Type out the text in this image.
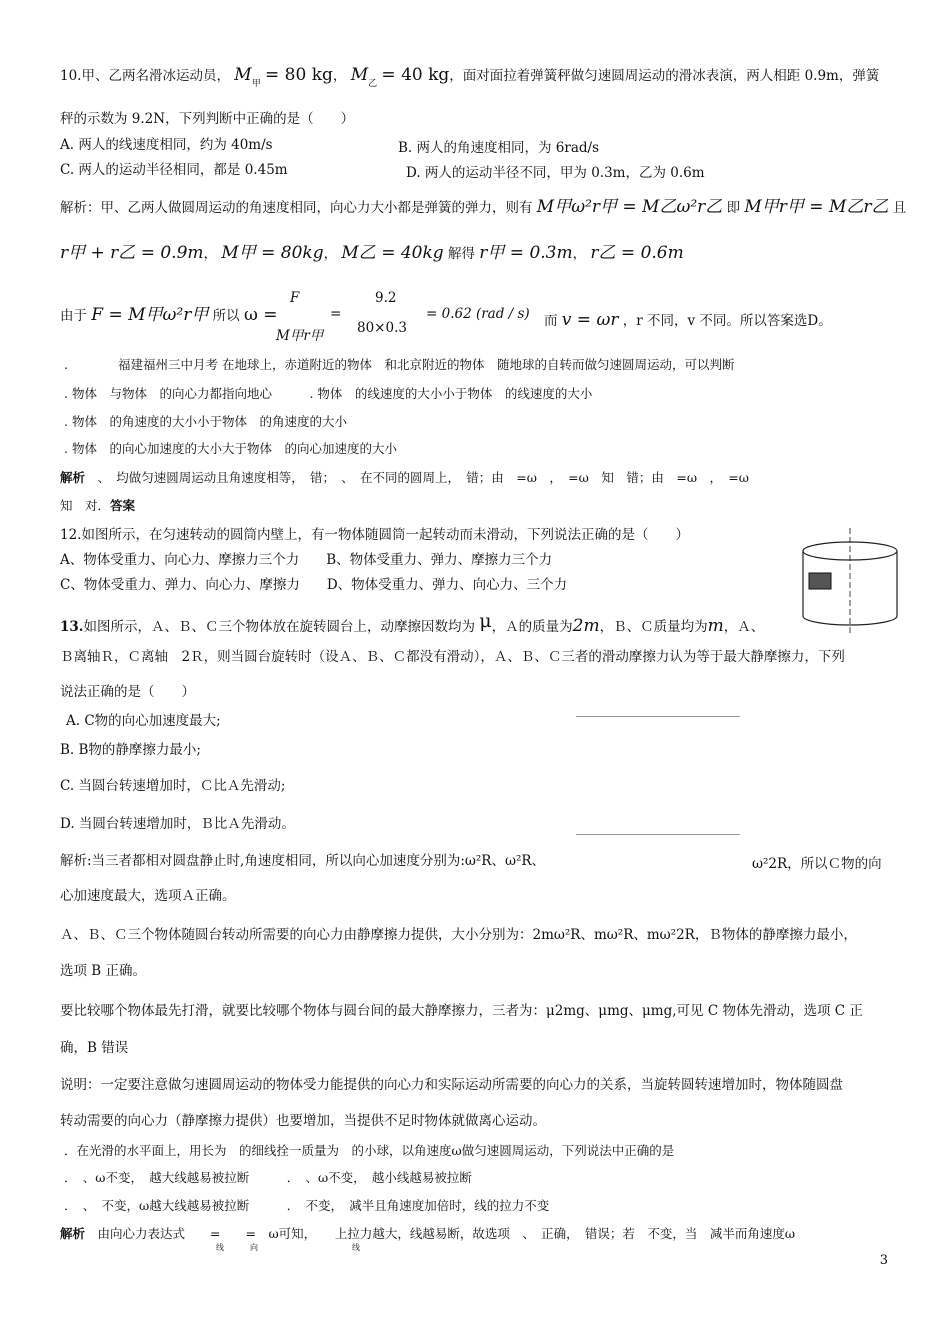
10.甲、乙两名滑冰运动员， $M_甲 = 80$ kg， $M_乙 = 40$ kg，面对面拉着弹簧秤做匀速圆周运动的滑冰表演，两人相距 0.9m，弹簧
秤的示数为 9.2N，下列判断中正确的是（　　）
A. 两人的线速度相同，约为 40m/s	B. 两人的角速度相同，为 6rad/s
C. 两人的运动半径相同，都是 0.45m	D. 两人的运动半径不同，甲为 0.3m，乙为 0.6m
解析：甲、乙两人做圆周运动的角速度相同，向心力大小都是弹簧的弹力，则有 M甲ω²r甲 = M乙ω²r乙 即 M甲r甲 = M乙r乙 且
r甲 + r乙 = 0.9m， M甲 = 80kg， M乙 = 40kg 解得 r甲 = 0.3m， r乙 = 0.6m
由于 F = M甲ω²r甲 所以 ω =
F
M甲r甲
=
9.2
80×0.3
= 0.62 (rad / s) 而 v = ωr ，r 不同，v 不同。所以答案选D。
.　　　　福建福州三中月考 在地球上，赤道附近的物体　和北京附近的物体　随地球的自转而做匀速圆周运动，可以判断
. 物体　与物体　的向心力都指向地心　　　. 物体　的线速度的大小小于物体　的线速度的大小
. 物体　的角速度的大小小于物体　的角速度的大小
. 物体　的向心加速度的大小大于物体　的向心加速度的大小
解析　、　均做匀速圆周运动且角速度相等，　错；　、　在不同的圆周上，　错；由　=ω　，　=ω　知　错；由　=ω　，　=ω
知　对．答案
12.如图所示，在匀速转动的圆筒内壁上，有一物体随圆筒一起转动而未滑动，下列说法正确的是（　　）
A、物体受重力、向心力、摩擦力三个力　　B、物体受重力、弹力、摩擦力三个力
C、物体受重力、弹力、向心力、摩擦力　　D、物体受重力、弹力、向心力、三个力
13.如图所示，Ａ、Ｂ、Ｃ三个物体放在旋转圆台上，动摩擦因数均为 μ，Ａ的质量为2m，Ｂ、Ｃ质量均为m，Ａ、
Ｂ离轴Ｒ，Ｃ离轴　2Ｒ，则当圆台旋转时（设Ａ、Ｂ、Ｃ都没有滑动），Ａ、Ｂ、Ｃ三者的滑动摩擦力认为等于最大静摩擦力，下列
说法正确的是（　　）
A. C物的向心加速度最大;
B. B物的静摩擦力最小;
C. 当圆台转速增加时，Ｃ比Ａ先滑动;
D. 当圆台转速增加时，Ｂ比Ａ先滑动。
解析:当三者都相对圆盘静止时,角速度相同，所以向心加速度分别为:ω²R、ω²R、	ω²2R，所以Ｃ物的向
心加速度最大，选项Ａ正确。
Ａ、Ｂ、Ｃ三个物体随圆台转动所需要的向心力由静摩擦力提供，大小分别为：2mω²R、mω²R、mω²2R，Ｂ物体的静摩擦力最小，
选项 B 正确。
要比较哪个物体最先打滑，就要比较哪个物体与圆台间的最大静摩擦力，三者为：μ2mg、μmg、μmg,可见 C 物体先滑动，选项 C 正
确，B 错误
说明：一定要注意做匀速圆周运动的物体受力能提供的向心力和实际运动所需要的向心力的关系，当旋转圆转速增加时，物体随圆盘
转动需要的向心力（静摩擦力提供）也要增加，当提供不足时物体就做离心运动。
．在光滑的水平面上，用长为　的细线拴一质量为　的小球，以角速度ω做匀速圆周运动，下列说法中正确的是
．　、ω不变，　越大线越易被拉断　　　．　、ω不变，　越小线越易被拉断
．　、　不变，ω越大线越易被拉断　　　．　不变，　减半且角速度加倍时，线的拉力不变
解析　由向心力表达式　　=　　=　ω可知，　　上拉力越大，线越易断，故选项　、　正确，　错误；若　不变，当　减半而角速度ω
线	向	线
3
